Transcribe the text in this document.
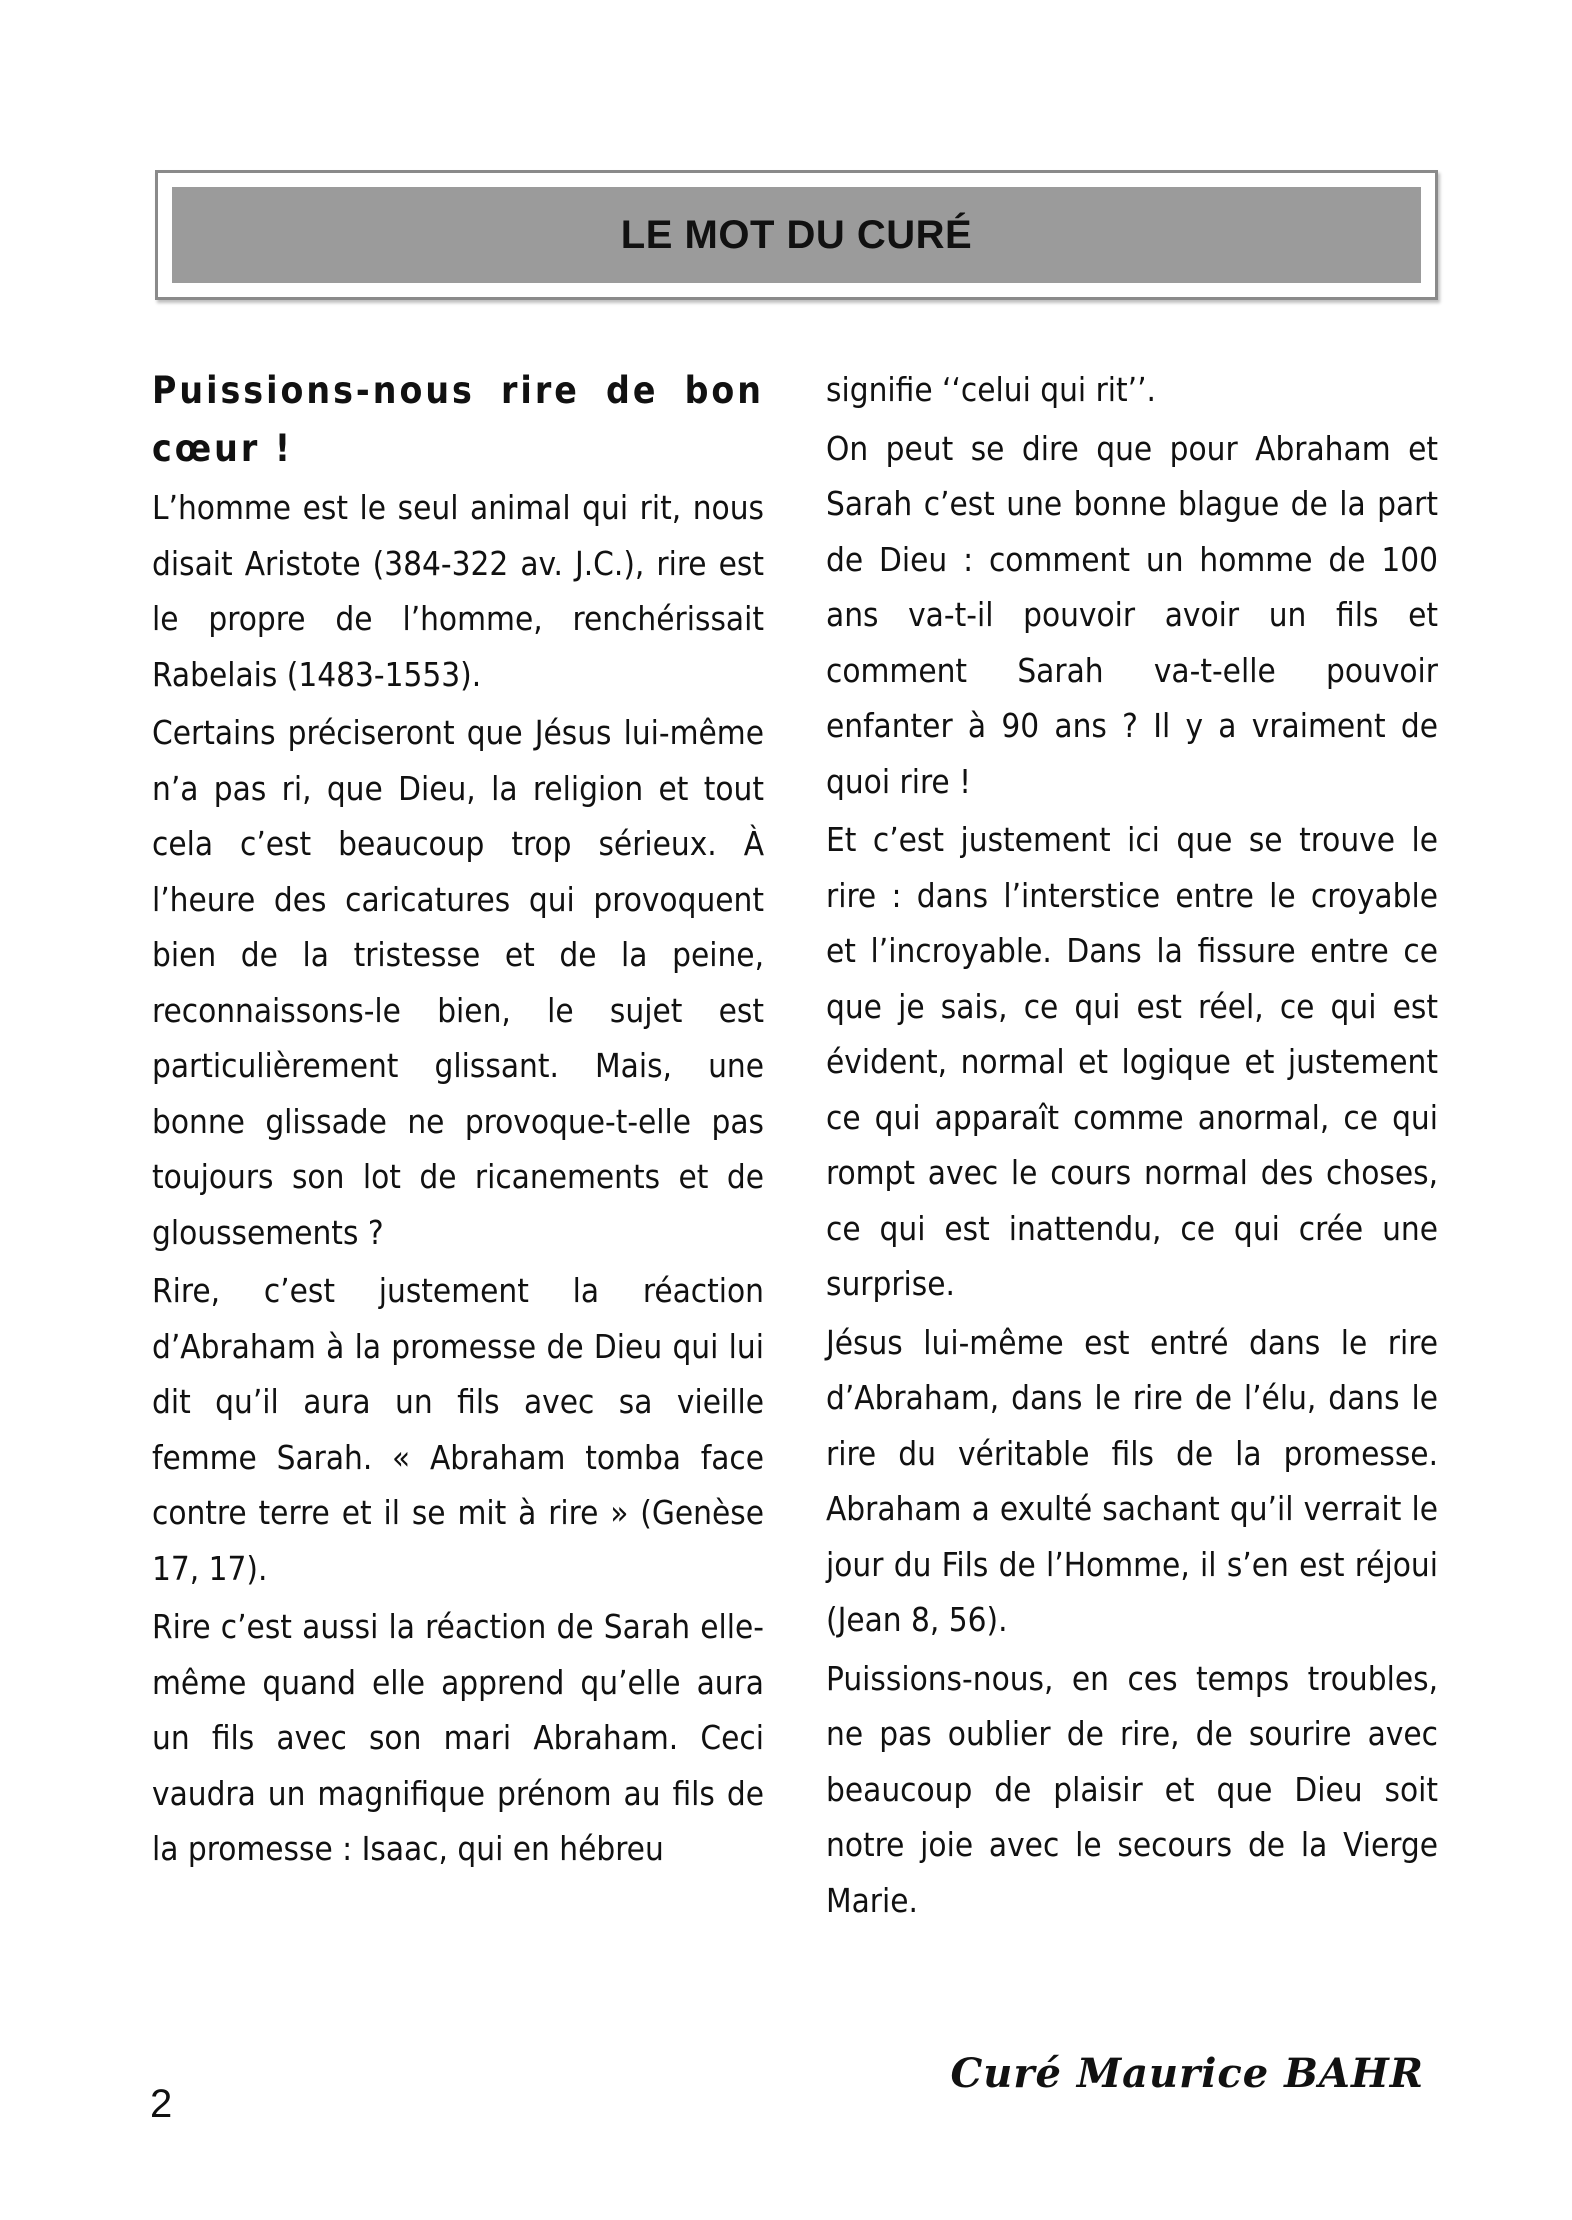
LE MOT DU CURÉ
Puissions-nous rire de bon cœur !

L’homme est le seul animal qui rit, nous disait Aristote (384-322 av. J.C.), rire est le propre de l’homme, renchérissait Rabelais (1483-1553).

Certains préciseront que Jésus lui-même n’a pas ri, que Dieu, la religion et tout cela c’est beaucoup trop sérieux. À l’heure des caricatures qui provoquent bien de la tristesse et de la peine, reconnaissons-le bien, le sujet est particulièrement glissant. Mais, une bonne glissade ne provoque-t-elle pas toujours son lot de ricanements et de gloussements ?

Rire, c’est justement la réaction d’Abraham à la promesse de Dieu qui lui dit qu’il aura un fils avec sa vieille femme Sarah. « Abraham tomba face contre terre et il se mit à rire » (Genèse 17, 17).

Rire c’est aussi la réaction de Sarah elle-même quand elle apprend qu’elle aura un fils avec son mari Abraham. Ceci vaudra un magnifique prénom au fils de la promesse : Isaac, qui en hébreu

signifie ‘‘celui qui rit’’.

On peut se dire que pour Abraham et Sarah c’est une bonne blague de la part de Dieu : comment un homme de 100 ans va-t-il pouvoir avoir un fils et comment Sarah va-t-elle pouvoir enfanter à 90 ans ? Il y a vraiment de quoi rire !

Et c’est justement ici que se trouve le rire : dans l’interstice entre le croyable et l’incroyable. Dans la fissure entre ce que je sais, ce qui est réel, ce qui est évident, normal et logique et justement ce qui apparaît comme anormal, ce qui rompt avec le cours normal des choses, ce qui est inattendu, ce qui crée une surprise.

Jésus lui-même est entré dans le rire d’Abraham, dans le rire de l’élu, dans le rire du véritable fils de la promesse. Abraham a exulté sachant qu’il verrait le jour du Fils de l’Homme, il s’en est réjoui (Jean 8, 56).

Puissions-nous, en ces temps troubles, ne pas oublier de rire, de sourire avec beaucoup de plaisir et que Dieu soit notre joie avec le secours de la Vierge Marie.

Curé Maurice BAHR
2
